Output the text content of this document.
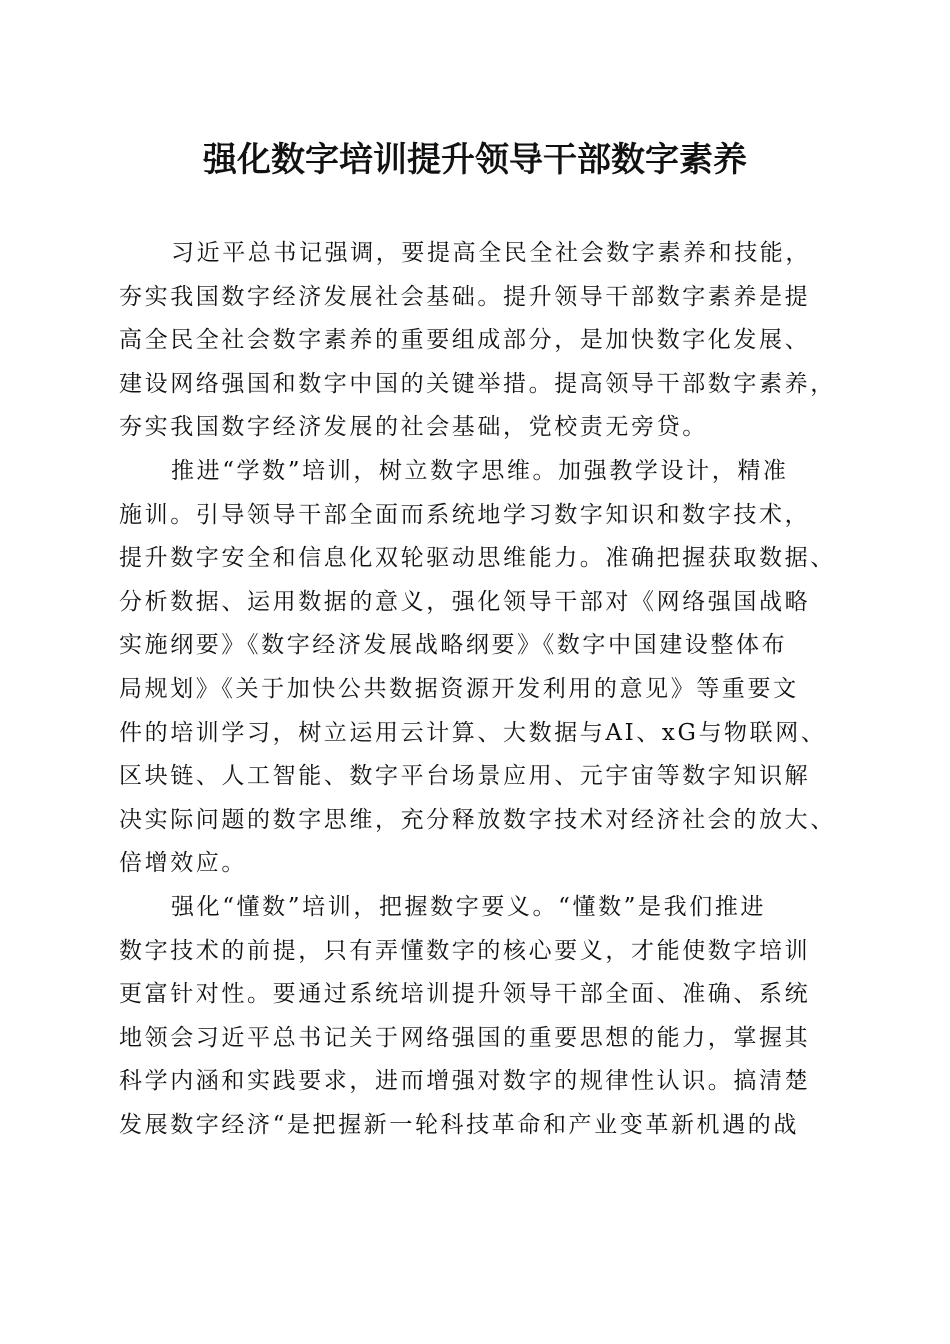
强化数字培训提升领导干部数字素养

习近平总书记强调，要提高全民全社会数字素养和技能，
夯实我国数字经济发展社会基础。提升领导干部数字素养是提
高全民全社会数字素养的重要组成部分，是加快数字化发展、
建设网络强国和数字中国的关键举措。提高领导干部数字素养，
夯实我国数字经济发展的社会基础，党校责无旁贷。

推进“学数”培训，树立数字思维。加强教学设计，精准
施训。引导领导干部全面而系统地学习数字知识和数字技术，
提升数字安全和信息化双轮驱动思维能力。准确把握获取数据、
分析数据、运用数据的意义，强化领导干部对《网络强国战略
实施纲要》《数字经济发展战略纲要》《数字中国建设整体布
局规划》《关于加快公共数据资源开发利用的意见》等重要文
件的培训学习，树立运用云计算、大数据与AI、xG与物联网、
区块链、人工智能、数字平台场景应用、元宇宙等数字知识解
决实际问题的数字思维，充分释放数字技术对经济社会的放大、
倍增效应。

强化“懂数”培训，把握数字要义。“懂数”是我们推进
数字技术的前提，只有弄懂数字的核心要义，才能使数字培训
更富针对性。要通过系统培训提升领导干部全面、准确、系统
地领会习近平总书记关于网络强国的重要思想的能力，掌握其
科学内涵和实践要求，进而增强对数字的规律性认识。搞清楚
发展数字经济“是把握新一轮科技革命和产业变革新机遇的战
